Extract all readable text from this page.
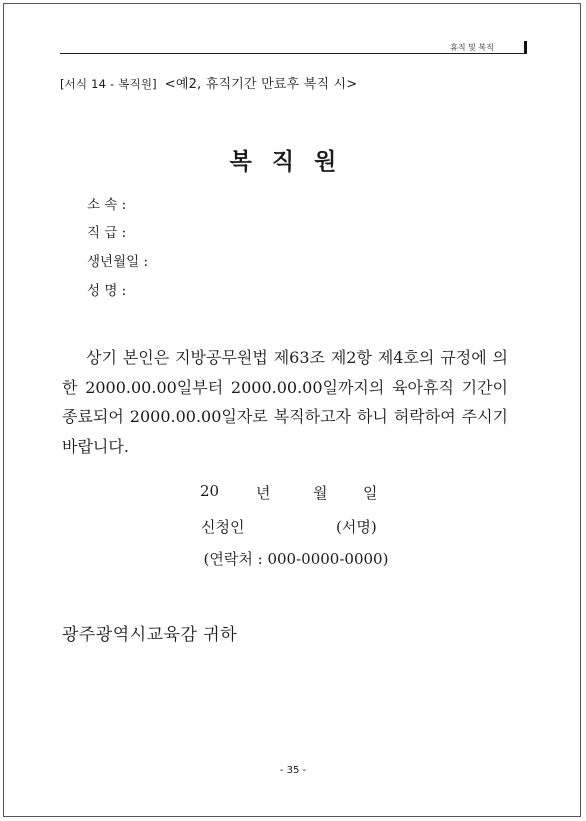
휴직 및 복직
[서식 14 - 복직원] <예2, 휴직기간 만료후 복직 시>
복직원
소 속 :
직 급 :
생년월일 :
성 명 :

상기 본인은 지방공무원법 제63조 제2항 제4호의 규정에 의한 2000.00.00일부터 2000.00.00일까지의 육아휴직 기간이 종료되어 2000.00.00일자로 복직하고자 하니 허락하여 주시기 바랍니다.

20 년	월 일
신청인	(서명)
(연락처 : 000-0000-0000)
광주광역시교육감 귀하
- 35 -
